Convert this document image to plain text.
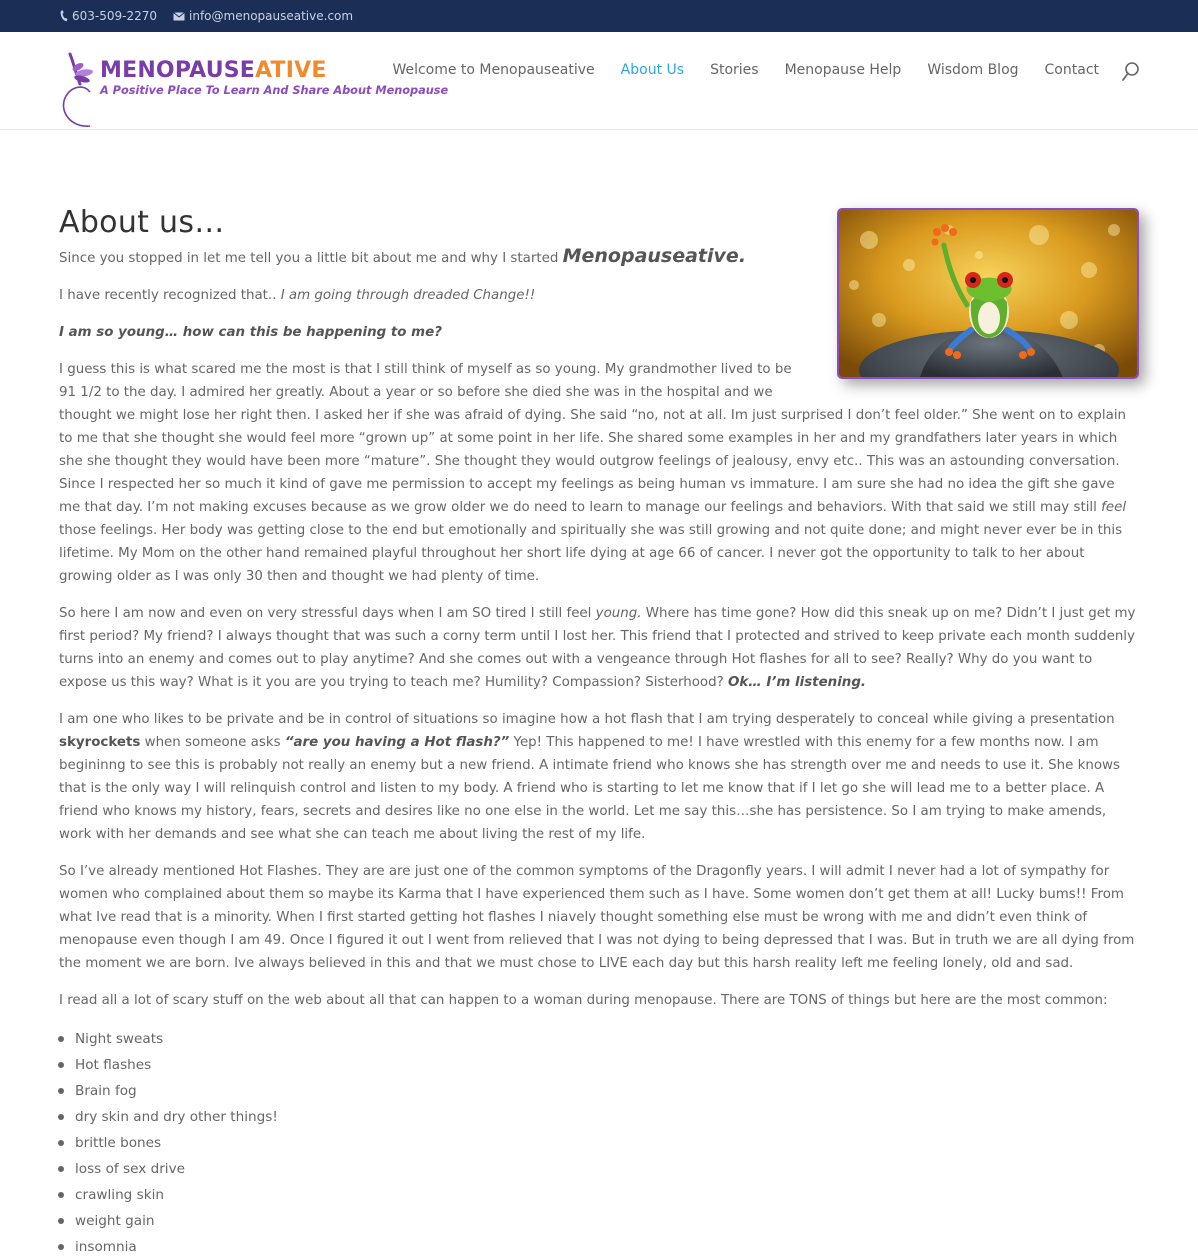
603-509-2270	info@menopauseative.com
MENOPAUSEATIVE
A Positive Place To Learn And Share About Menopause
Welcome to Menopauseative About Us Stories Menopause Help Wisdom Blog Contact
About us…

Since you stopped in let me tell you a little bit about me and why I started Menopauseative.

I have recently recognized that.. I am going through dreaded Change!!

I am so young… how can this be happening to me?

I guess this is what scared me the most is that I still think of myself as so young. My grandmother lived to be 91 1/2 to the day. I admired her greatly. About a year or so before she died she was in the hospital and we thought we might lose her right then. I asked her if she was afraid of dying. She said “no, not at all. Im just surprised I don’t feel older.” She went on to explain to me that she thought she would feel more “grown up” at some point in her life. She shared some examples in her and my grandfathers later years in which she she thought they would have been more “mature”. She thought they would outgrow feelings of jealousy, envy etc.. This was an astounding conversation. Since I respected her so much it kind of gave me permission to accept my feelings as being human vs immature. I am sure she had no idea the gift she gave me that day. I’m not making excuses because as we grow older we do need to learn to manage our feelings and behaviors. With that said we still may still feel those feelings. Her body was getting close to the end but emotionally and spiritually she was still growing and not quite done; and might never ever be in this lifetime. My Mom on the other hand remained playful throughout her short life dying at age 66 of cancer. I never got the opportunity to talk to her about growing older as I was only 30 then and thought we had plenty of time.

So here I am now and even on very stressful days when I am SO tired I still feel young. Where has time gone? How did this sneak up on me? Didn’t I just get my first period? My friend? I always thought that was such a corny term until I lost her. This friend that I protected and strived to keep private each month suddenly turns into an enemy and comes out to play anytime? And she comes out with a vengeance through Hot flashes for all to see? Really? Why do you want to expose us this way? What is it you are you trying to teach me? Humility? Compassion? Sisterhood? Ok… I’m listening.

I am one who likes to be private and be in control of situations so imagine how a hot flash that I am trying desperately to conceal while giving a presentation skyrockets when someone asks “are you having a Hot flash?” Yep! This happened to me! I have wrestled with this enemy for a few months now. I am begininng to see this is probably not really an enemy but a new friend. A intimate friend who knows she has strength over me and needs to use it. She knows that is the only way I will relinquish control and listen to my body. A friend who is starting to let me know that if I let go she will lead me to a better place. A friend who knows my history, fears, secrets and desires like no one else in the world. Let me say this…she has persistence. So I am trying to make amends, work with her demands and see what she can teach me about living the rest of my life.

So I’ve already mentioned Hot Flashes. They are are just one of the common symptoms of the Dragonfly years. I will admit I never had a lot of sympathy for women who complained about them so maybe its Karma that I have experienced them such as I have. Some women don’t get them at all! Lucky bums!! From what Ive read that is a minority. When I first started getting hot flashes I niavely thought something else must be wrong with me and didn’t even think of menopause even though I am 49. Once I figured it out I went from relieved that I was not dying to being depressed that I was. But in truth we are all dying from the moment we are born. Ive always believed in this and that we must chose to LIVE each day but this harsh reality left me feeling lonely, old and sad.

I read all a lot of scary stuff on the web about all that can happen to a woman during menopause. There are TONS of things but here are the most common:

Night sweats
Hot flashes
Brain fog
dry skin and dry other things!
brittle bones
loss of sex drive
crawling skin
weight gain
insomnia
